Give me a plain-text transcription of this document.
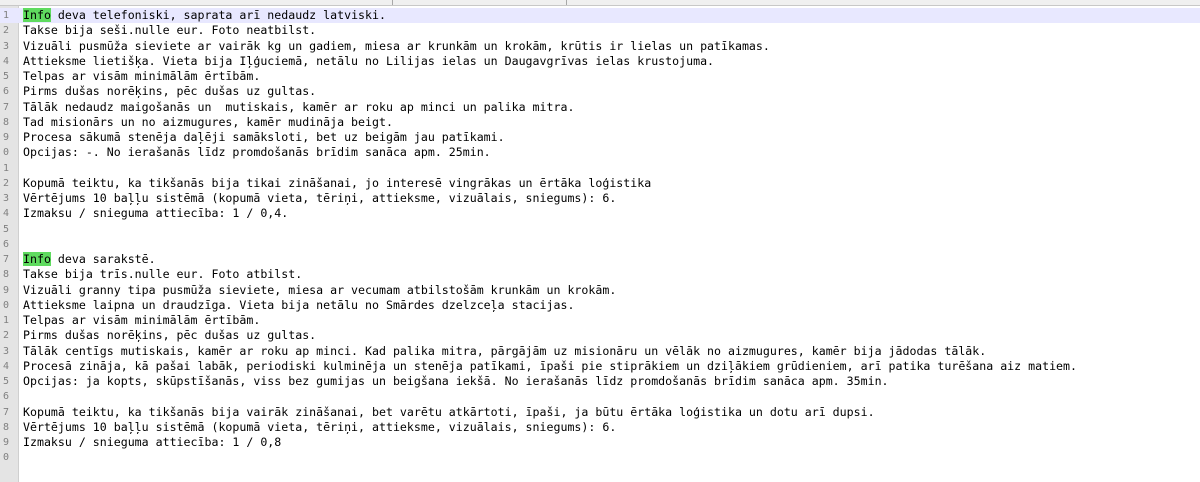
1 Info deva telefoniski, saprata arī nedaudz latviski.
2 Takse bija seši.nulle eur. Foto neatbilst.
3 Vizuāli pusmūža sieviete ar vairāk kg un gadiem, miesa ar krunkām un krokām, krūtis ir lielas un patīkamas.
4 Attieksme lietišķa. Vieta bija Iļģuciemā, netālu no Lilijas ielas un Daugavgrīvas ielas krustojuma.
5 Telpas ar visām minimālām ērtībām.
6 Pirms dušas norēķins, pēc dušas uz gultas.
7 Tālāk nedaudz maigošanās un  mutiskais, kamēr ar roku ap minci un palika mitra.
8 Tad misionārs un no aizmugures, kamēr mudināja beigt.
9 Procesa sākumā stenēja daļēji samāksloti, bet uz beigām jau patīkami.
0 Opcijas: -. No ierašanās līdz promdošanās brīdim sanāca apm. 25min.
1
2 Kopumā teiktu, ka tikšanās bija tikai zināšanai, jo interesē vingrākas un ērtāka loģistika
3 Vērtējums 10 baļļu sistēmā (kopumā vieta, tēriņi, attieksme, vizuālais, sniegums): 6.
4 Izmaksu / snieguma attiecība: 1 / 0,4.
5
6
7 Info deva sarakstē.
8 Takse bija trīs.nulle eur. Foto atbilst.
9 Vizuāli granny tipa pusmūža sieviete, miesa ar vecumam atbilstošām krunkām un krokām.
0 Attieksme laipna un draudzīga. Vieta bija netālu no Smārdes dzelzceļa stacijas.
1 Telpas ar visām minimālām ērtībām.
2 Pirms dušas norēķins, pēc dušas uz gultas.
3 Tālāk centīgs mutiskais, kamēr ar roku ap minci. Kad palika mitra, pārgājām uz misionāru un vēlāk no aizmugures, kamēr bija jādodas tālāk.
4 Procesā zināja, kā pašai labāk, periodiski kulminēja un stenēja patīkami, īpaši pie stiprākiem un dziļākiem grūdieniem, arī patika turēšana aiz matiem.
5 Opcijas: ja kopts, skūpstīšanās, viss bez gumijas un beigšana iekšā. No ierašanās līdz promdošanās brīdim sanāca apm. 35min.
6
7 Kopumā teiktu, ka tikšanās bija vairāk zināšanai, bet varētu atkārtoti, īpaši, ja būtu ērtāka loģistika un dotu arī dupsi.
8 Vērtējums 10 baļļu sistēmā (kopumā vieta, tēriņi, attieksme, vizuālais, sniegums): 6.
9 Izmaksu / snieguma attiecība: 1 / 0,8
0
